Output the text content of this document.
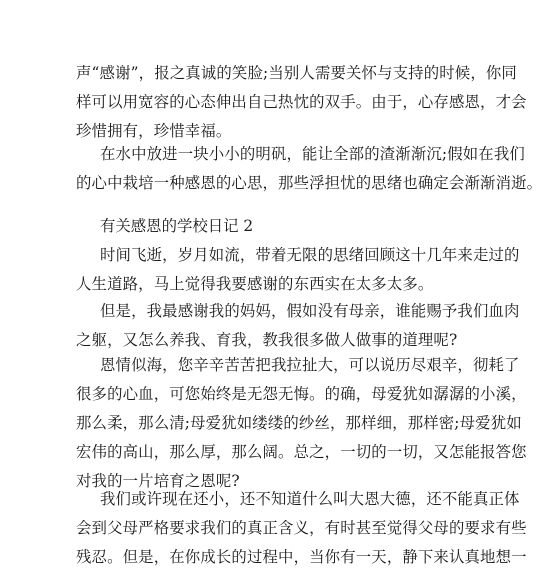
声“感谢”，报之真诚的笑脸;当别人需要关怀与支持的时候，你同
样可以用宽容的心态伸出自己热忱的双手。由于，心存感恩，才会
珍惜拥有，珍惜幸福。
在水中放进一块小小的明矾，能让全部的渣渐渐沉;假如在我们
的心中栽培一种感恩的心思，那些浮担忧的思绪也确定会渐渐消逝。
有关感恩的学校日记 2
时间飞逝，岁月如流，带着无限的思绪回顾这十几年来走过的
人生道路，马上觉得我要感谢的东西实在太多太多。
但是，我最感谢我的妈妈，假如没有母亲，谁能赐予我们血肉
之躯，又怎么养我、育我，教我很多做人做事的道理呢?
恩情似海，您辛辛苦苦把我拉扯大，可以说历尽艰辛，彻耗了
很多的心血，可您始终是无怨无悔。的确，母爱犹如潺潺的小溪，
那么柔，那么清;母爱犹如缕缕的纱丝，那样细，那样密;母爱犹如
宏伟的高山，那么厚，那么阔。总之，一切的一切，又怎能报答您
对我的一片培育之恩呢?
我们或许现在还小，还不知道什么叫大恩大德，还不能真正体
会到父母严格要求我们的真正含义，有时甚至觉得父母的要求有些
残忍。但是，在你成长的过程中，当你有一天，静下来认真地想一
